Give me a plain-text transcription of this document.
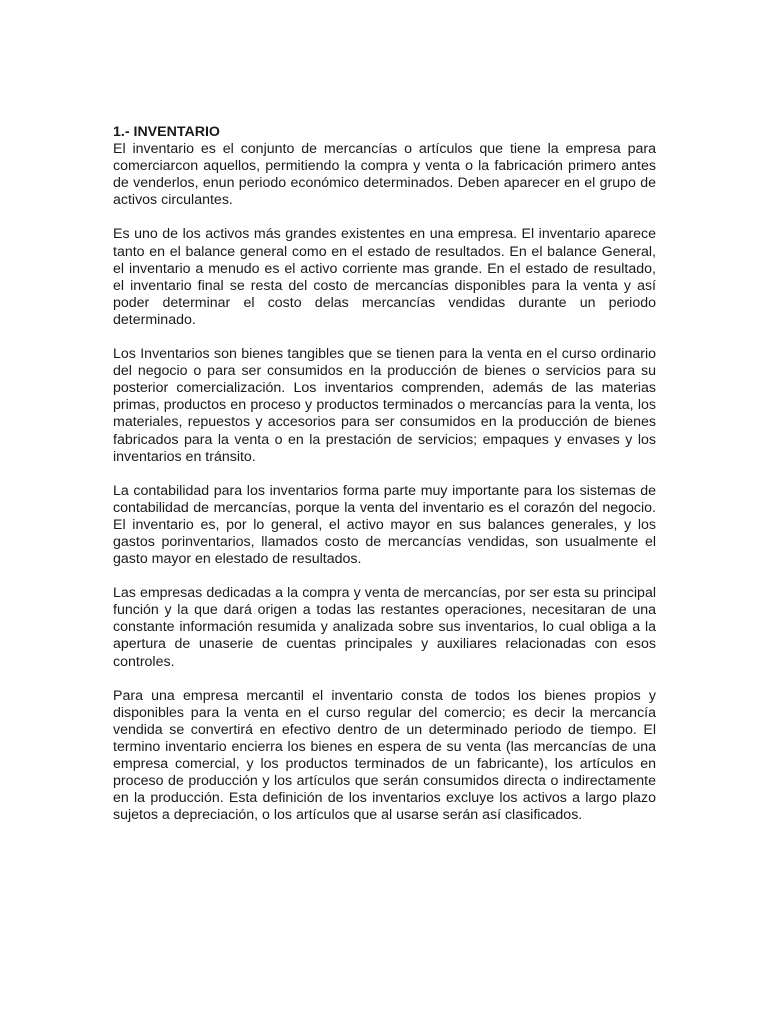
1.- INVENTARIO

El inventario es el conjunto de mercancías o artículos que tiene la empresa para comerciarcon aquellos, permitiendo la compra y venta o la fabricación primero antes de venderlos, enun periodo económico determinados. Deben aparecer en el grupo de activos circulantes.

Es uno de los activos más grandes existentes en una empresa. El inventario aparece tanto en el balance general como en el estado de resultados. En el balance General, el inventario a menudo es el activo corriente mas grande. En el estado de resultado, el inventario final se resta del costo de mercancías disponibles para la venta y así poder determinar el costo delas mercancías vendidas durante un periodo determinado.

Los Inventarios son bienes tangibles que se tienen para la venta en el curso ordinario del negocio o para ser consumidos en la producción de bienes o servicios para su posterior comercialización. Los inventarios comprenden, además de las materias primas, productos en proceso y productos terminados o mercancías para la venta, los materiales, repuestos y accesorios para ser consumidos en la producción de bienes fabricados para la venta o en la prestación de servicios; empaques y envases y los inventarios en tránsito.

La contabilidad para los inventarios forma parte muy importante para los sistemas de contabilidad de mercancías, porque la venta del inventario es el corazón del negocio. El inventario es, por lo general, el activo mayor en sus balances generales, y los gastos porinventarios, llamados costo de mercancías vendidas, son usualmente el gasto mayor en elestado de resultados.

Las empresas dedicadas a la compra y venta de mercancías, por ser esta su principal función y la que dará origen a todas las restantes operaciones, necesitaran de una constante información resumida y analizada sobre sus inventarios, lo cual obliga a la apertura de unaserie de cuentas principales y auxiliares relacionadas con esos controles.

Para una empresa mercantil el inventario consta de todos los bienes propios y disponibles para la venta en el curso regular del comercio; es decir la mercancía vendida se convertirá en efectivo dentro de un determinado periodo de tiempo. El termino inventario encierra los bienes en espera de su venta (las mercancías de una empresa comercial, y los productos terminados de un fabricante), los artículos en proceso de producción y los artículos que serán consumidos directa o indirectamente en la producción. Esta definición de los inventarios excluye los activos a largo plazo sujetos a depreciación, o los artículos que al usarse serán así clasificados.
